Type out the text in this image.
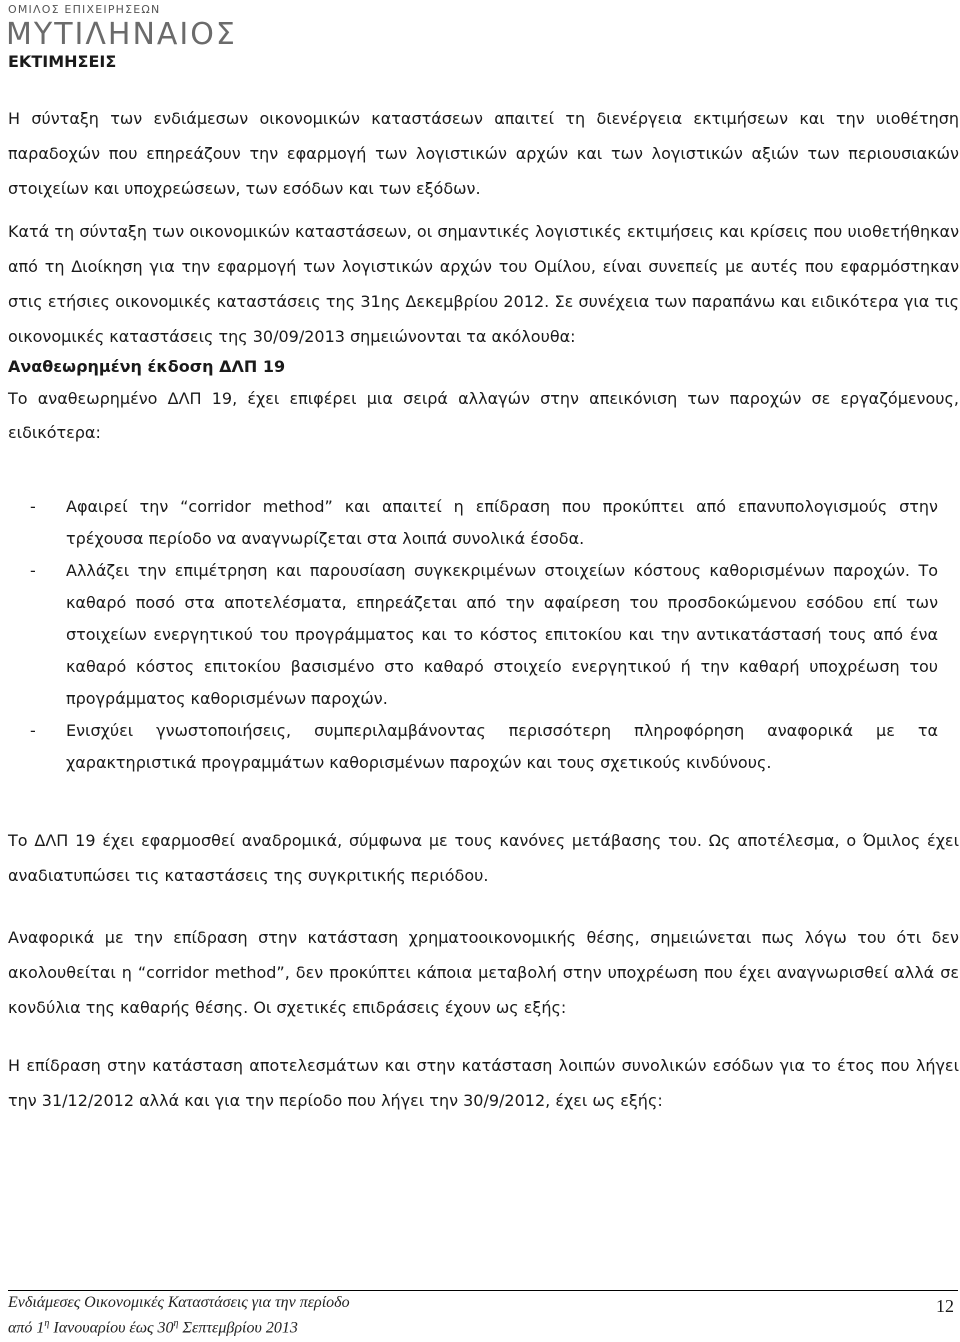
ΟΜΙΛΟΣ ΕΠΙΧΕΙΡΗΣΕΩΝ
ΜΥΤΙΛΗΝΑΙΟΣ
ΕΚΤΙΜΗΣΕΙΣ
Η σύνταξη των ενδιάμεσων οικονομικών καταστάσεων απαιτεί τη διενέργεια εκτιμήσεων και την υιοθέτηση παραδοχών που επηρεάζουν την εφαρμογή των λογιστικών αρχών και των λογιστικών αξιών των περιουσιακών στοιχείων και υποχρεώσεων, των εσόδων και των εξόδων.
Κατά τη σύνταξη των οικονομικών καταστάσεων, οι σημαντικές λογιστικές εκτιμήσεις και κρίσεις που υιοθετήθηκαν από τη Διοίκηση για την εφαρμογή των λογιστικών αρχών του Ομίλου, είναι συνεπείς με αυτές που εφαρμόστηκαν στις ετήσιες οικονομικές καταστάσεις της 31ης Δεκεμβρίου 2012. Σε συνέχεια των παραπάνω και ειδικότερα για τις οικονομικές καταστάσεις της 30/09/2013 σημειώνονται τα ακόλουθα:
Αναθεωρημένη έκδοση ΔΛΠ 19
Το αναθεωρημένο ΔΛΠ 19, έχει επιφέρει μια σειρά αλλαγών στην απεικόνιση των παροχών σε εργαζόμενους, ειδικότερα:
-	Αφαιρεί την “corridor method” και απαιτεί η επίδραση που προκύπτει από επανυπολογισμούς στην τρέχουσα περίοδο να αναγνωρίζεται στα λοιπά συνολικά έσοδα.
-	Αλλάζει την επιμέτρηση και παρουσίαση συγκεκριμένων στοιχείων κόστους καθορισμένων παροχών. Το καθαρό ποσό στα αποτελέσματα, επηρεάζεται από την αφαίρεση του προσδοκώμενου εσόδου επί των στοιχείων ενεργητικού του προγράμματος και το κόστος επιτοκίου και την αντικατάστασή τους από ένα καθαρό κόστος επιτοκίου βασισμένο στο καθαρό στοιχείο ενεργητικού ή την καθαρή υποχρέωση του προγράμματος καθορισμένων παροχών.
-	Ενισχύει γνωστοποιήσεις, συμπεριλαμβάνοντας περισσότερη πληροφόρηση αναφορικά με τα χαρακτηριστικά προγραμμάτων καθορισμένων παροχών και τους σχετικούς κινδύνους.
Το ΔΛΠ 19 έχει εφαρμοσθεί αναδρομικά, σύμφωνα με τους κανόνες μετάβασης του. Ως αποτέλεσμα, ο Όμιλος έχει αναδιατυπώσει τις καταστάσεις της συγκριτικής περιόδου.
Αναφορικά με την επίδραση στην κατάσταση χρηματοοικονομικής θέσης, σημειώνεται πως λόγω του ότι δεν ακολουθείται η “corridor method”, δεν προκύπτει κάποια μεταβολή στην υποχρέωση που έχει αναγνωρισθεί αλλά σε κονδύλια της καθαρής θέσης. Οι σχετικές επιδράσεις έχουν ως εξής:
Η επίδραση στην κατάσταση αποτελεσμάτων και στην κατάσταση λοιπών συνολικών εσόδων για το έτος που λήγει την 31/12/2012 αλλά και για την περίοδο που λήγει την 30/9/2012, έχει ως εξής:
Ενδιάμεσες Οικονομικές Καταστάσεις για την περίοδο
από $1^\eta$ Ιανουαρίου έως $30^\eta$ Σεπτεμβρίου 2013
12
